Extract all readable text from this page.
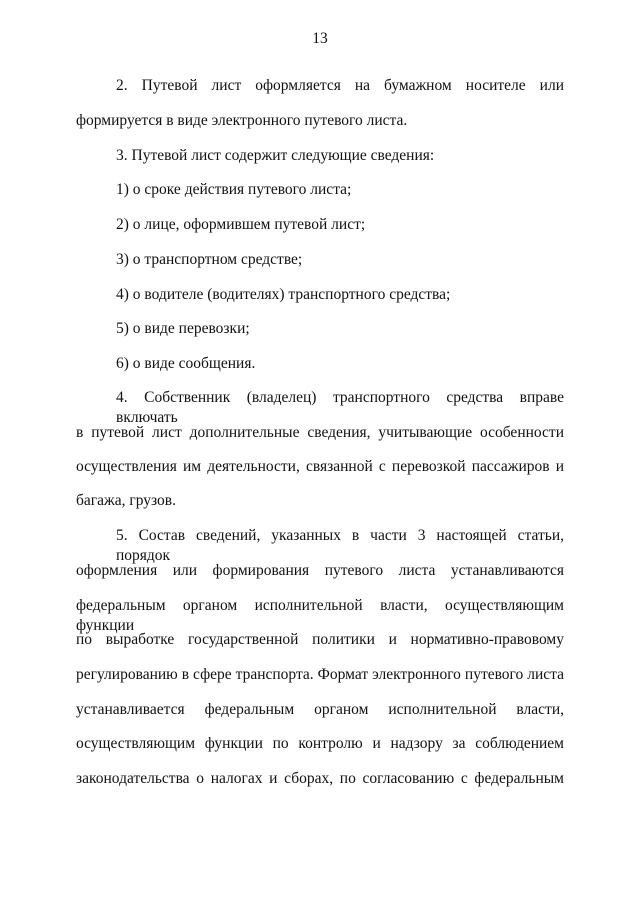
13
2. Путевой лист оформляется на бумажном носителе или
формируется в виде электронного путевого листа.
3. Путевой лист содержит следующие сведения:
1) о сроке действия путевого листа;
2) о лице, оформившем путевой лист;
3) о транспортном средстве;
4) о водителе (водителях) транспортного средства;
5) о виде перевозки;
6) о виде сообщения.
4. Собственник (владелец) транспортного средства вправе включать
в путевой лист дополнительные сведения, учитывающие особенности
осуществления им деятельности, связанной с перевозкой пассажиров и
багажа, грузов.
5. Состав сведений, указанных в части 3 настоящей статьи, порядок
оформления или формирования путевого листа устанавливаются
федеральным органом исполнительной власти, осуществляющим функции
по выработке государственной политики и нормативно-правовому
регулированию в сфере транспорта. Формат электронного путевого листа
устанавливается федеральным органом исполнительной власти,
осуществляющим функции по контролю и надзору за соблюдением
законодательства о налогах и сборах, по согласованию с федеральным
